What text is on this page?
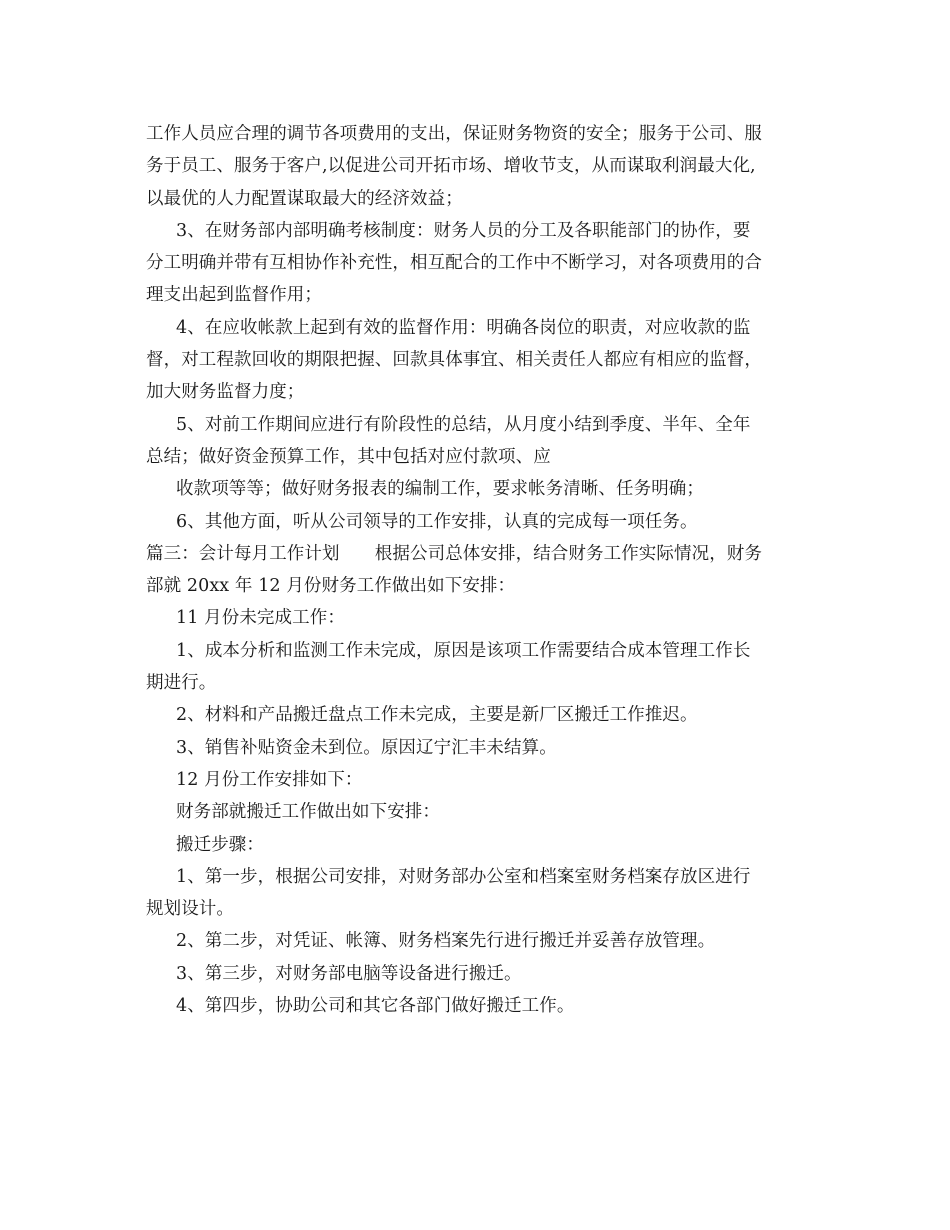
工作人员应合理的调节各项费用的支出，保证财务物资的安全；服务于公司、服
务于员工、服务于客户,以促进公司开拓市场、增收节支，从而谋取利润最大化,
以最优的人力配置谋取最大的经济效益；
3、在财务部内部明确考核制度：财务人员的分工及各职能部门的协作，要
分工明确并带有互相协作补充性，相互配合的工作中不断学习，对各项费用的合
理支出起到监督作用；
4、在应收帐款上起到有效的监督作用：明确各岗位的职责，对应收款的监
督，对工程款回收的期限把握、回款具体事宜、相关责任人都应有相应的监督，
加大财务监督力度；
5、对前工作期间应进行有阶段性的总结，从月度小结到季度、半年、全年
总结；做好资金预算工作，其中包括对应付款项、应
收款项等等；做好财务报表的编制工作，要求帐务清晰、任务明确；
6、其他方面，听从公司领导的工作安排，认真的完成每一项任务。
篇三：会计每月工作计划　　根据公司总体安排，结合财务工作实际情况，财务
部就 20xx 年 12 月份财务工作做出如下安排：
11 月份未完成工作：
1、成本分析和监测工作未完成，原因是该项工作需要结合成本管理工作长
期进行。
2、材料和产品搬迁盘点工作未完成，主要是新厂区搬迁工作推迟。
3、销售补贴资金未到位。原因辽宁汇丰未结算。
12 月份工作安排如下：
财务部就搬迁工作做出如下安排：
搬迁步骤：
1、第一步，根据公司安排，对财务部办公室和档案室财务档案存放区进行
规划设计。
2、第二步，对凭证、帐簿、财务档案先行进行搬迁并妥善存放管理。
3、第三步，对财务部电脑等设备进行搬迁。
4、第四步，协助公司和其它各部门做好搬迁工作。
